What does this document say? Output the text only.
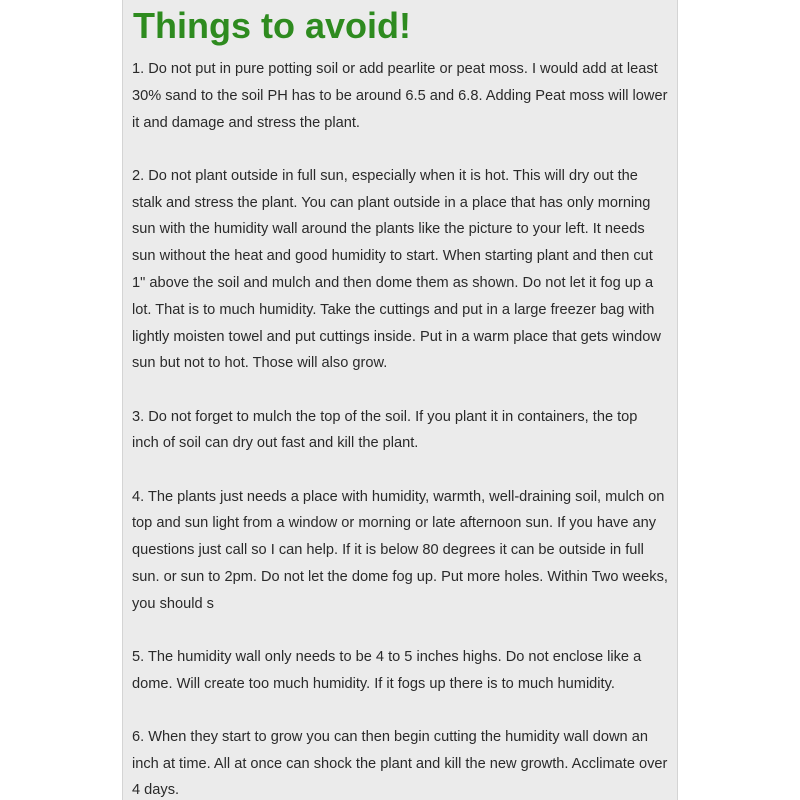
Things to avoid!

1. Do not put in pure potting soil or add pearlite or peat moss. I would add at least 30% sand to the soil PH has to be around 6.5 and 6.8. Adding Peat moss will lower it and damage and stress the plant.

2. Do not plant outside in full sun, especially when it is hot. This will dry out the stalk and stress the plant. You can plant outside in a place that has only morning sun with the humidity wall around the plants like the picture to your left. It needs sun without the heat and good humidity to start. When starting plant and then cut 1" above the soil and mulch and then dome them as shown. Do not let it fog up a lot. That is to much humidity. Take the cuttings and put in a large freezer bag with lightly moisten towel and put cuttings inside. Put in a warm place that gets window sun but not to hot. Those will also grow.

3. Do not forget to mulch the top of the soil. If you plant it in containers, the top inch of soil can dry out fast and kill the plant.

4. The plants just needs a place with humidity, warmth, well-draining soil, mulch on top and sun light from a window or morning or late afternoon sun. If you have any questions just call so I can help. If it is below 80 degrees it can be outside in full sun. or sun to 2pm. Do not let the dome fog up. Put more holes. Within Two weeks, you should s

5. The humidity wall only needs to be 4 to 5 inches highs. Do not enclose like a dome. Will create too much humidity. If it fogs up there is to much humidity.

6. When they start to grow you can then begin cutting the humidity wall down an inch at time. All at once can shock the plant and kill the new growth. Acclimate over 4 days.
